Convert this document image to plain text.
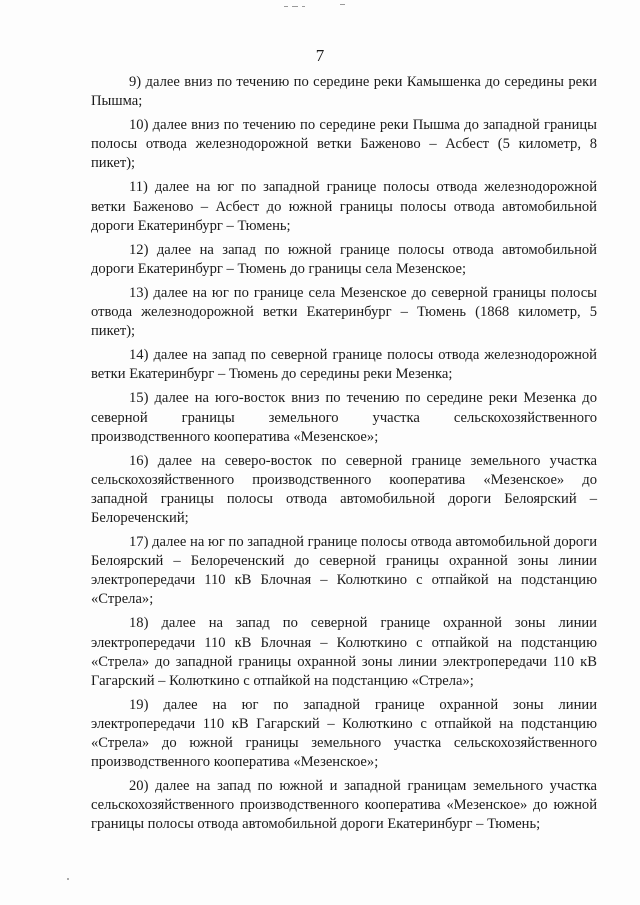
7

9) далее вниз по течению по середине реки Камышенка до середины реки Пышма;

10) далее вниз по течению по середине реки Пышма до западной границы полосы отвода железнодорожной ветки Баженово – Асбест (5 километр, 8 пикет);

11) далее на юг по западной границе полосы отвода железнодорожной ветки Баженово – Асбест до южной границы полосы отвода автомобильной дороги Екатеринбург – Тюмень;

12) далее на запад по южной границе полосы отвода автомобильной дороги Екатеринбург – Тюмень до границы села Мезенское;

13) далее на юг по границе села Мезенское до северной границы полосы отвода железнодорожной ветки Екатеринбург – Тюмень (1868 километр, 5 пикет);

14) далее на запад по северной границе полосы отвода железнодорожной ветки Екатеринбург – Тюмень до середины реки Мезенка;

15) далее на юго-восток вниз по течению по середине реки Мезенка до северной границы земельного участка сельскохозяйственного производственного кооператива «Мезенское»;

16) далее на северо-восток по северной границе земельного участка сельскохозяйственного производственного кооператива «Мезенское» до западной границы полосы отвода автомобильной дороги Белоярский – Белореченский;

17) далее на юг по западной границе полосы отвода автомобильной дороги Белоярский – Белореченский до северной границы охранной зоны линии электропередачи 110 кВ Блочная – Колюткино с отпайкой на подстанцию «Стрела»;

18) далее на запад по северной границе охранной зоны линии электропередачи 110 кВ Блочная – Колюткино с отпайкой на подстанцию «Стрела» до западной границы охранной зоны линии электропередачи 110 кВ Гагарский – Колюткино с отпайкой на подстанцию «Стрела»;

19) далее на юг по западной границе охранной зоны линии электропередачи 110 кВ Гагарский – Колюткино с отпайкой на подстанцию «Стрела» до южной границы земельного участка сельскохозяйственного производственного кооператива «Мезенское»;

20) далее на запад по южной и западной границам земельного участка сельскохозяйственного производственного кооператива «Мезенское» до южной границы полосы отвода автомобильной дороги Екатеринбург – Тюмень;
